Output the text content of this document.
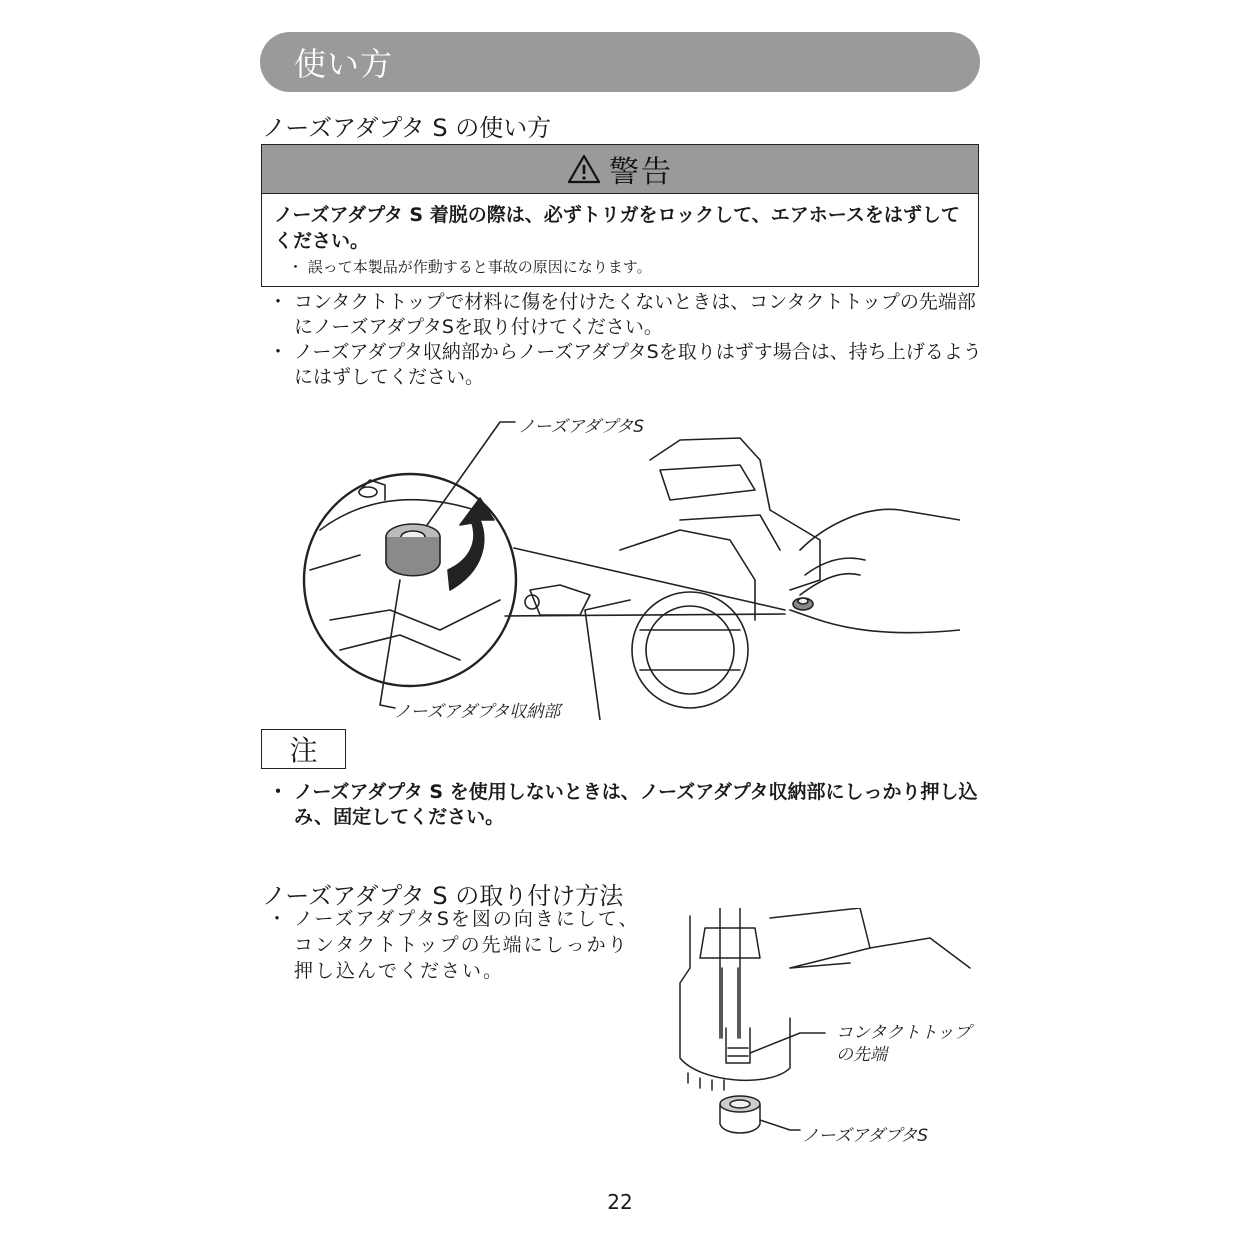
使い方
ノーズアダプタ S の使い方
警告
ノーズアダプタ S 着脱の際は、必ずトリガをロックして、エアホースをはずしてください。
・ 誤って本製品が作動すると事故の原因になります。
・ コンタクトトップで材料に傷を付けたくないときは、コンタクトトップの先端部にノーズアダプタSを取り付けてください。
・ ノーズアダプタ収納部からノーズアダプタSを取りはずす場合は、持ち上げるようにはずしてください。
ノーズアダプタS
ノーズアダプタ収納部
注
・ ノーズアダプタ S を使用しないときは、ノーズアダプタ収納部にしっかり押し込み、固定してください。
ノーズアダプタ S の取り付け方法
・ ノーズアダプタSを図の向きにして、コンタクトトップの先端にしっかり押し込んでください。
コンタクトトップ
の先端
ノーズアダプタS
22
